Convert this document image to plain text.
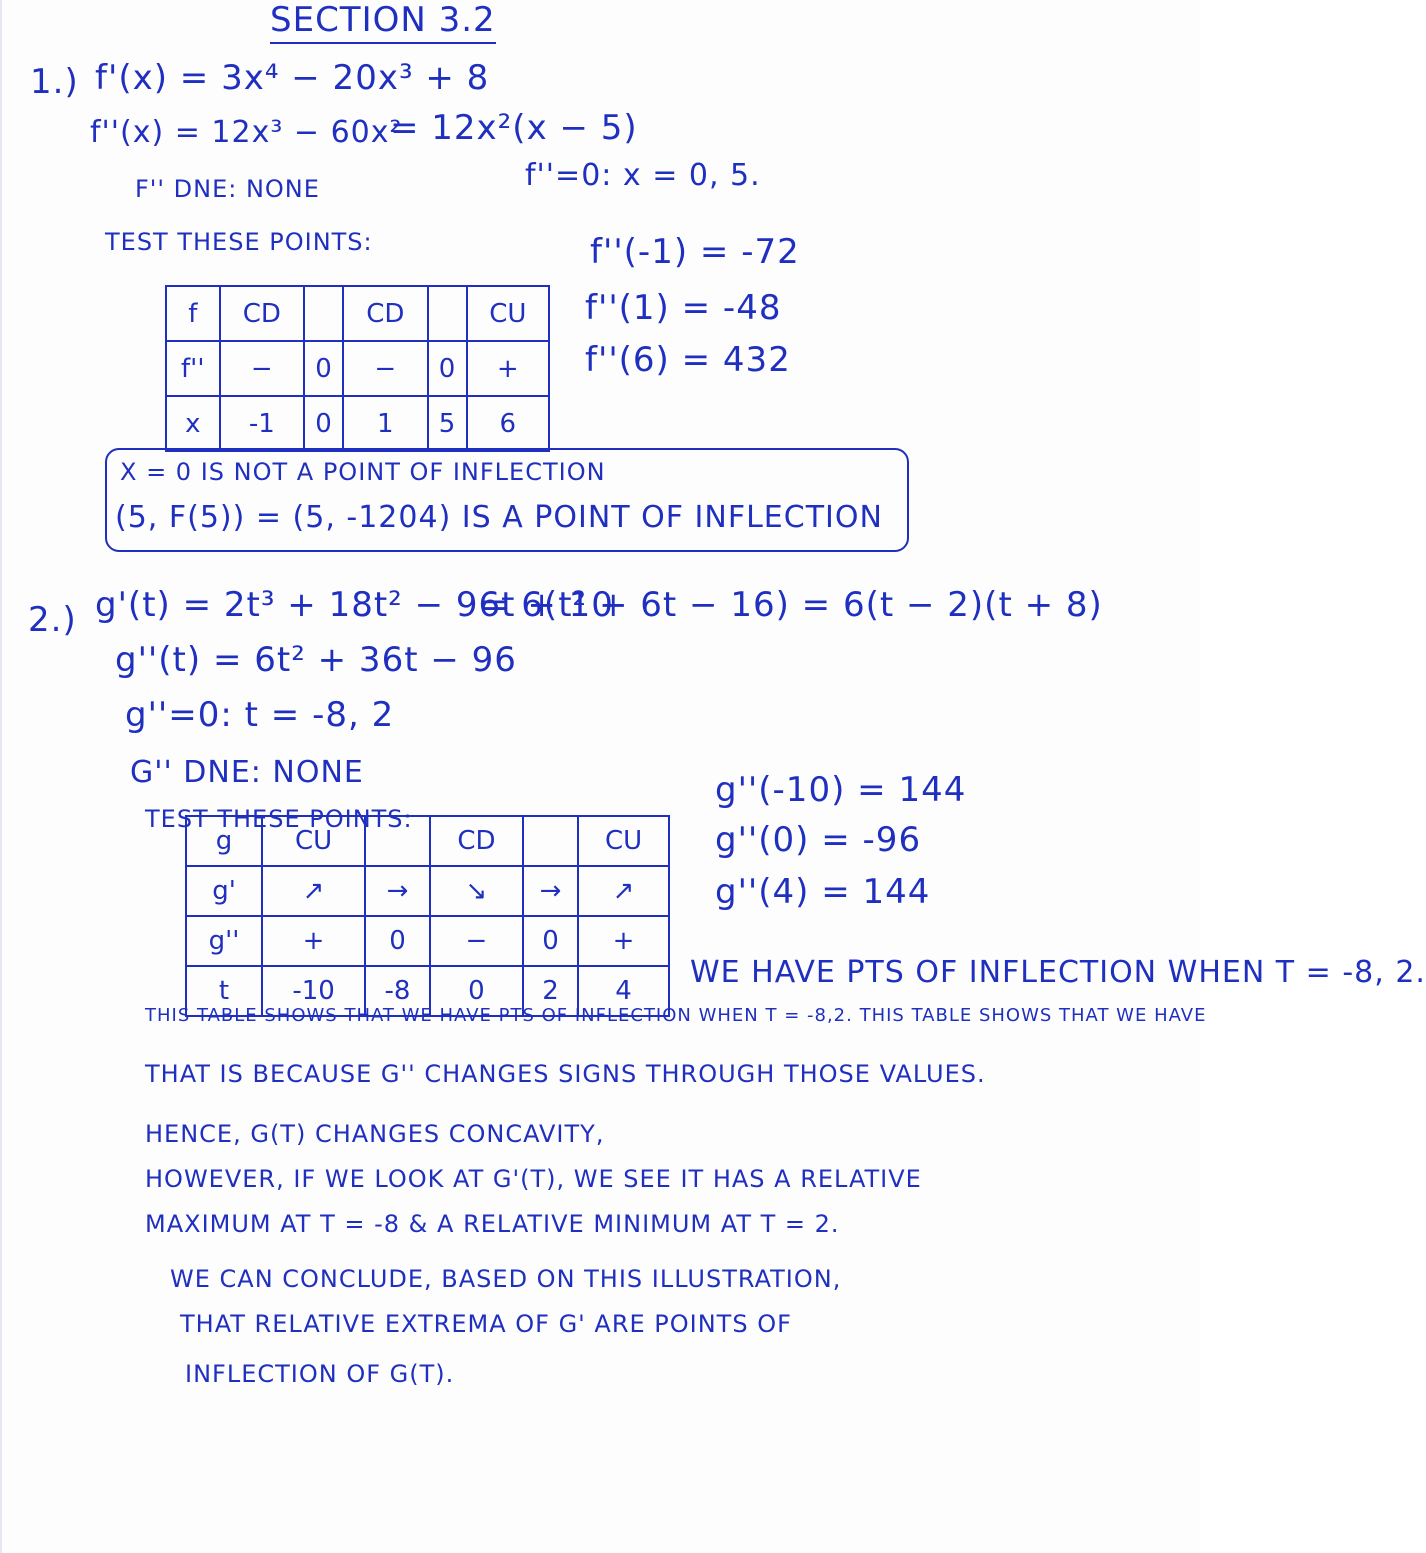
SECTION 3.2
1.) f'(x) = 3x⁴ − 20x³ + 8
f''(x) = 12x³ − 60x²
= 12x²(x − 5)
F'' DNE: NONE	f''=0: x = 0, 5.
TEST THESE POINTS:	f''(-1) = -72
f''(1) = -48
f''(6) = 432
f	CD		CD		CU
f''	−	0	−	0	+
x	-1	0	1	5	6
X = 0 IS NOT A POINT OF INFLECTION
(5, F(5)) = (5, -1204) IS A POINT OF INFLECTION
2.) g'(t) = 2t³ + 18t² − 96t + 10
= 6(t² + 6t − 16) = 6(t − 2)(t + 8)
g''(t) = 6t² + 36t − 96
g''=0: t = -8, 2
G'' DNE: NONE
TEST THESE POINTS:
g''(-10) = 144
g''(0) = -96
g''(4) = 144
g	CU		CD		CU
g'	↗	→	↘	→	↗
g''	+	0	−	0	+
t	-10	-8	0	2	4
WE HAVE PTS OF INFLECTION WHEN T = -8, 2.
THIS TABLE SHOWS THAT WE HAVE PTS OF INFLECTION WHEN T = -8,2. THIS TABLE SHOWS THAT WE HAVE
THAT IS BECAUSE G'' CHANGES SIGNS THROUGH THOSE VALUES.
HENCE, G(T) CHANGES CONCAVITY,
HOWEVER, IF WE LOOK AT G'(T), WE SEE IT HAS A RELATIVE
MAXIMUM AT T = -8 & A RELATIVE MINIMUM AT T = 2.
WE CAN CONCLUDE, BASED ON THIS ILLUSTRATION,
THAT RELATIVE EXTREMA OF G' ARE POINTS OF
INFLECTION OF G(T).
